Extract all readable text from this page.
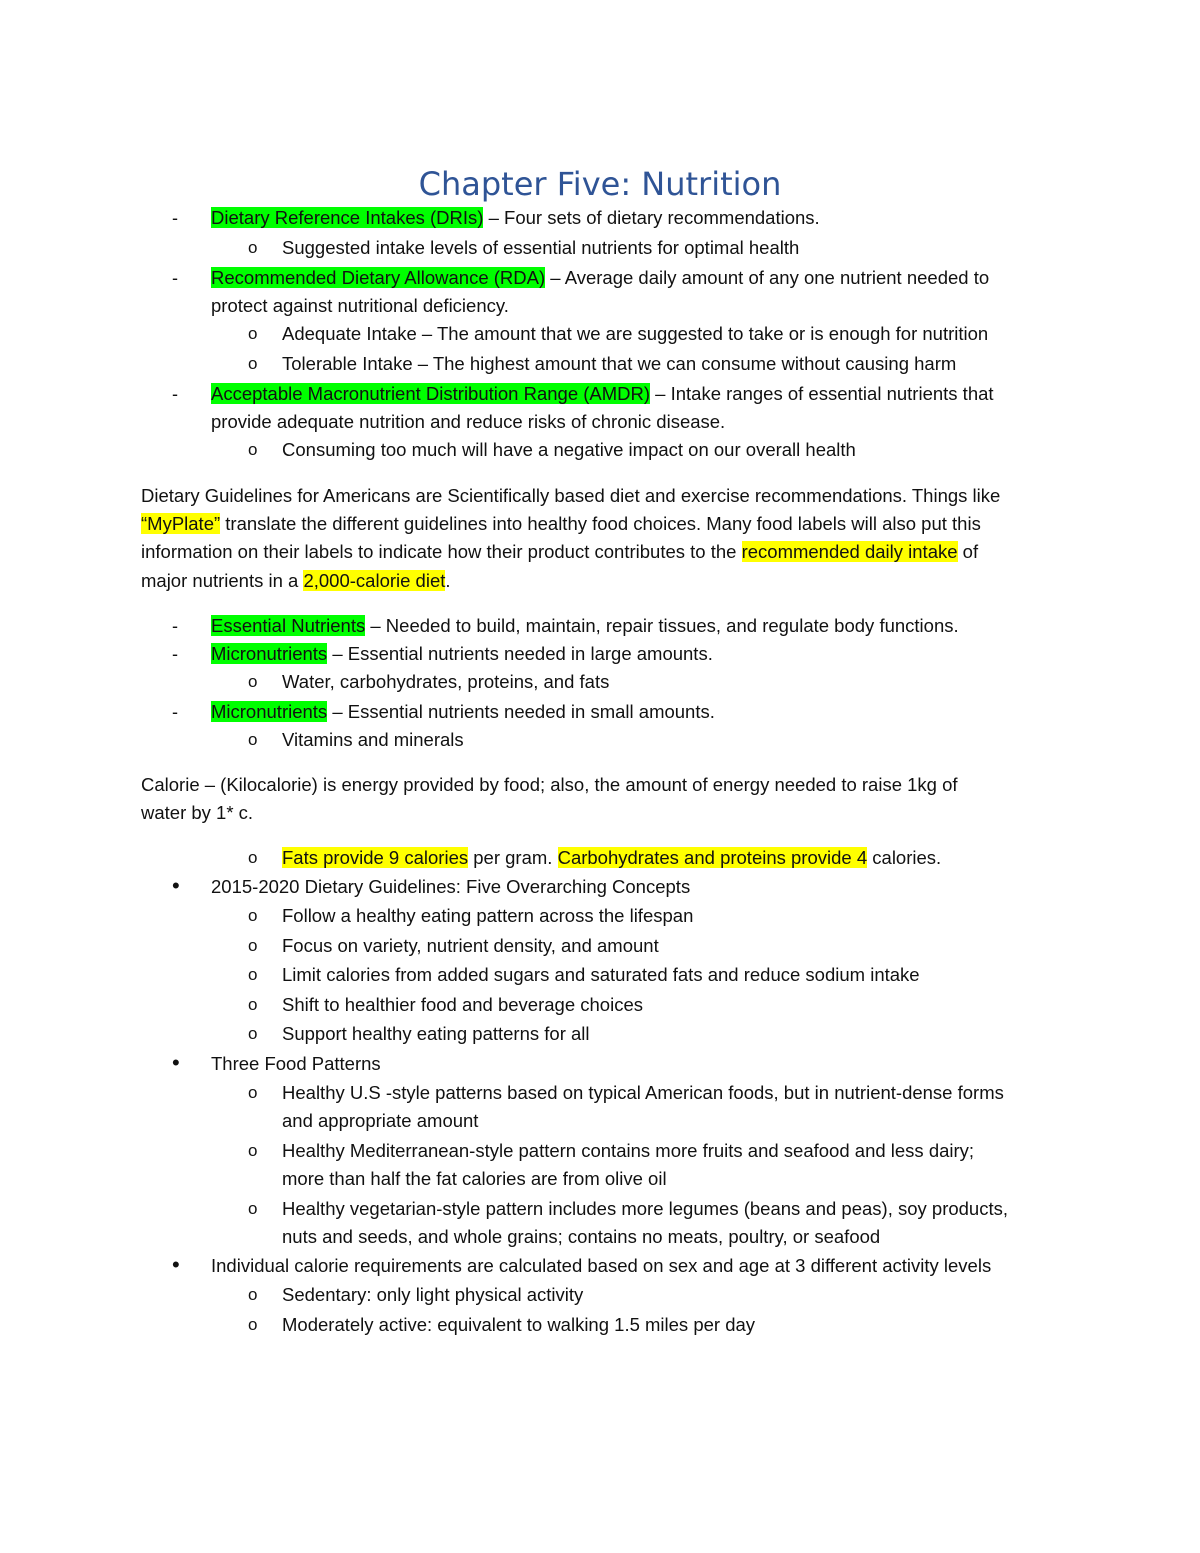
Chapter Five: Nutrition
- Dietary Reference Intakes (DRIs) – Four sets of dietary recommendations.
o Suggested intake levels of essential nutrients for optimal health
- Recommended Dietary Allowance (RDA) – Average daily amount of any one nutrient needed to
protect against nutritional deficiency.
o Adequate Intake – The amount that we are suggested to take or is enough for nutrition
o Tolerable Intake – The highest amount that we can consume without causing harm
- Acceptable Macronutrient Distribution Range (AMDR) – Intake ranges of essential nutrients that
provide adequate nutrition and reduce risks of chronic disease.
o Consuming too much will have a negative impact on our overall health
Dietary Guidelines for Americans are Scientifically based diet and exercise recommendations. Things like
“MyPlate” translate the different guidelines into healthy food choices. Many food labels will also put this
information on their labels to indicate how their product contributes to the recommended daily intake of
major nutrients in a 2,000-calorie diet.
- Essential Nutrients – Needed to build, maintain, repair tissues, and regulate body functions.
- Micronutrients – Essential nutrients needed in large amounts.
o Water, carbohydrates, proteins, and fats
- Micronutrients – Essential nutrients needed in small amounts.
o Vitamins and minerals
Calorie – (Kilocalorie) is energy provided by food; also, the amount of energy needed to raise 1kg of
water by 1* c.
o Fats provide 9 calories per gram. Carbohydrates and proteins provide 4 calories.
• 2015-2020 Dietary Guidelines: Five Overarching Concepts
o Follow a healthy eating pattern across the lifespan
o Focus on variety, nutrient density, and amount
o Limit calories from added sugars and saturated fats and reduce sodium intake
o Shift to healthier food and beverage choices
o Support healthy eating patterns for all
• Three Food Patterns
o Healthy U.S -style patterns based on typical American foods, but in nutrient-dense forms
and appropriate amount
o Healthy Mediterranean-style pattern contains more fruits and seafood and less dairy;
more than half the fat calories are from olive oil
o Healthy vegetarian-style pattern includes more legumes (beans and peas), soy products,
nuts and seeds, and whole grains; contains no meats, poultry, or seafood
• Individual calorie requirements are calculated based on sex and age at 3 different activity levels
o Sedentary: only light physical activity
o Moderately active: equivalent to walking 1.5 miles per day
